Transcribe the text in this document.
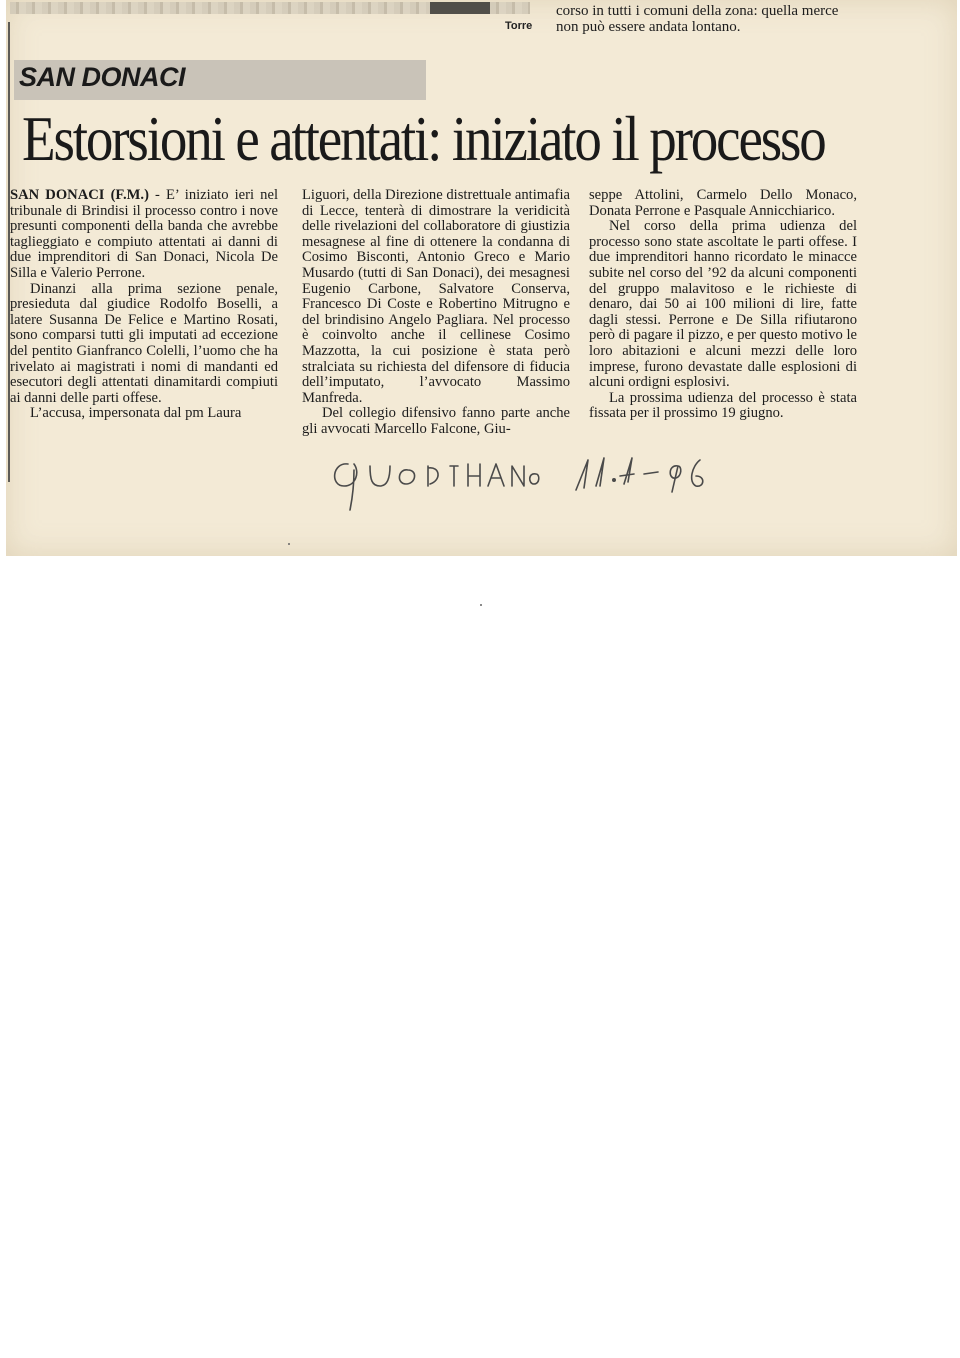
Torre
corso in tutti i comuni della zona: quella merce non può essere andata lontano.
SAN DONACI
Estorsioni e attentati: iniziato il processo

SAN DONACI (F.M.) - E’ iniziato ieri nel tribunale di Brindisi il processo contro i nove presunti componenti della banda che avrebbe taglieggiato e compiuto attentati ai danni di due imprenditori di San Donaci, Nicola De Silla e Valerio Perrone.

Dinanzi alla prima sezione penale, presieduta dal giudice Rodolfo Boselli, a latere Susanna De Felice e Martino Rosati, sono comparsi tutti gli imputati ad eccezione del pentito Gianfranco Colelli, l’uomo che ha rivelato ai magistrati i nomi di mandanti ed esecutori degli attentati dinamitardi compiuti ai danni delle parti offese.

L’accusa, impersonata dal pm Laura

Liguori, della Direzione distrettuale antimafia di Lecce, tenterà di dimostrare la veridicità delle rivelazioni del collaboratore di giustizia mesagnese al fine di ottenere la condanna di Cosimo Bisconti, Antonio Greco e Mario Musardo (tutti di San Donaci), dei mesagnesi Eugenio Carbone, Salvatore Conserva, Francesco Di Coste e Robertino Mitrugno e del brindisino Angelo Pagliara. Nel processo è coinvolto anche il cellinese Cosimo Mazzotta, la cui posizione è stata però stralciata su richiesta del difensore di fiducia dell’imputato, l’avvocato Massimo Manfreda.

Del collegio difensivo fanno parte anche gli avvocati Marcello Falcone, Giu-

seppe Attolini, Carmelo Dello Monaco, Donata Perrone e Pasquale Annicchiarico.

Nel corso della prima udienza del processo sono state ascoltate le parti offese. I due imprenditori hanno ricordato le minacce subite nel corso del ’92 da alcuni componenti del gruppo malavitoso e le richieste di denaro, dai 50 ai 100 milioni di lire, fatte dagli stessi. Perrone e De Silla rifiutarono però di pagare il pizzo, e per questo motivo le loro abitazioni e alcuni mezzi delle loro imprese, furono devastate dalle esplosioni di alcuni ordigni esplosivi.

La prossima udienza del processo è stata fissata per il prossimo 19 giugno.

QUOTIDIANO	11-4-96
